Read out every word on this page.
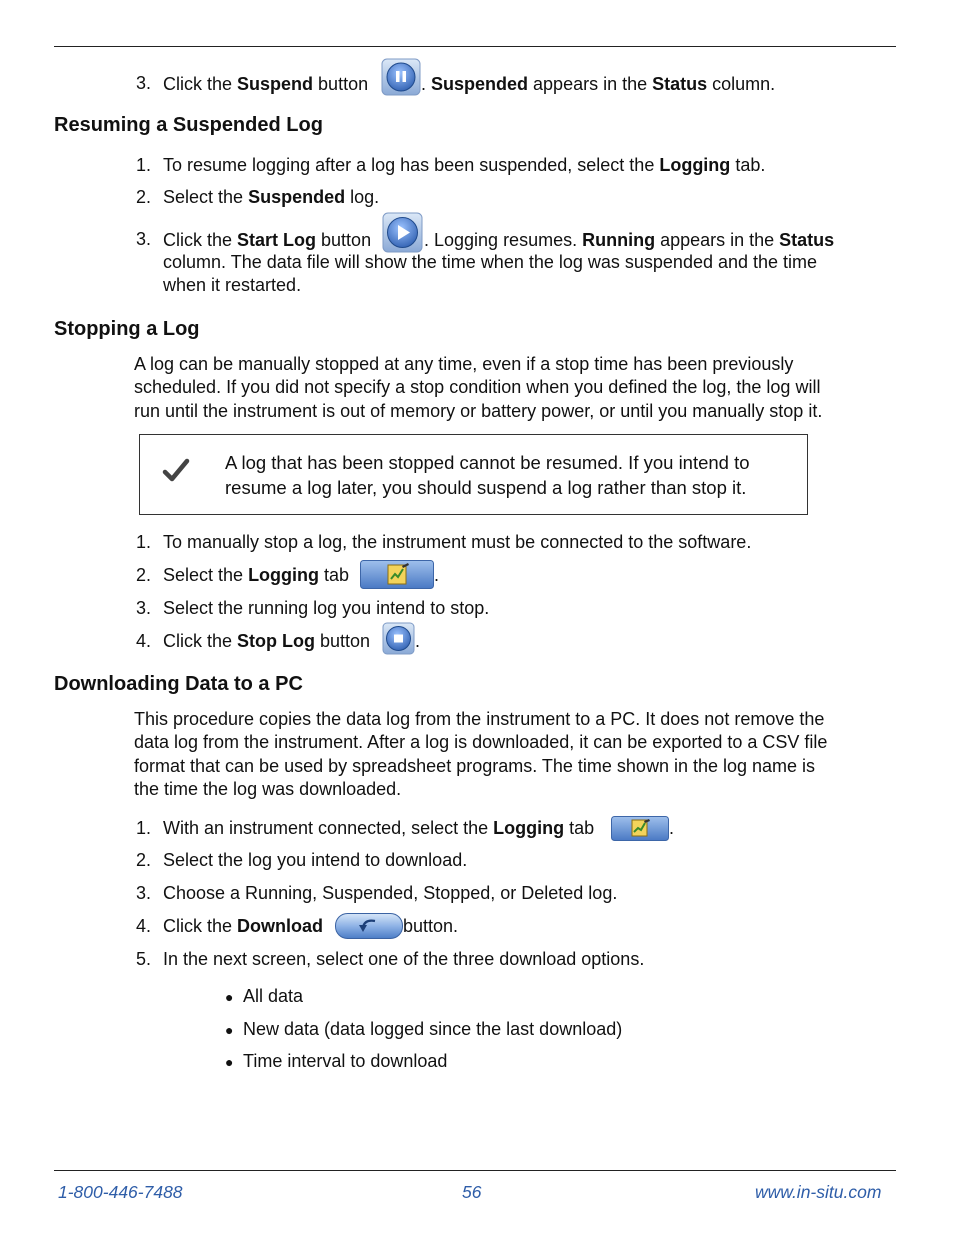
3. Click the Suspend button	. Suspended appears in the Status column.
Resuming a Suspended Log
1. To resume logging after a log has been suspended, select the Logging tab.
2. Select the Suspended log.
3. Click the Start Log button	. Logging resumes. Running appears in the Status
column. The data file will show the time when the log was suspended and the time
when it restarted.
Stopping a Log
A log can be manually stopped at any time, even if a stop time has been previously
scheduled. If you did not specify a stop condition when you defined the log, the log will
run until the instrument is out of memory or battery power, or until you manually stop it.
A log that has been stopped cannot be resumed. If you intend to
resume a log later, you should suspend a log rather than stop it.
1. To manually stop a log, the instrument must be connected to the software.
2. Select the Logging tab	.
3. Select the running log you intend to stop.
4. Click the Stop Log button .
Downloading Data to a PC
This procedure copies the data log from the instrument to a PC. It does not remove the
data log from the instrument. After a log is downloaded, it can be exported to a CSV file
format that can be used by spreadsheet programs. The time shown in the log name is
the time the log was downloaded.
1. With an instrument connected, select the Logging tab	.
2. Select the log you intend to download.
3. Choose a Running, Suspended, Stopped, or Deleted log.
4. Click the Download	button.
5. In the next screen, select one of the three download options.
● All data
● New data (data logged since the last download)
● Time interval to download
1-800-446-7488	56	www.in-situ.com
